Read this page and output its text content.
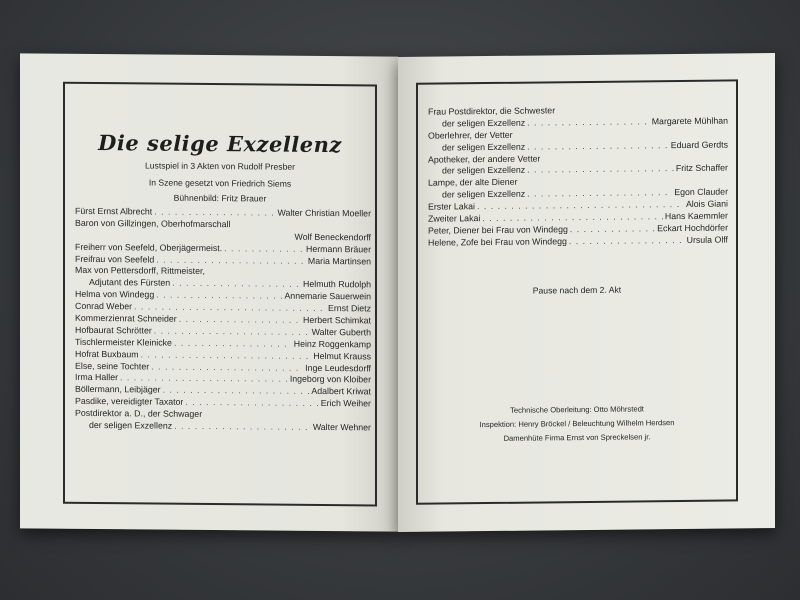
Die selige Exzellenz
Lustspiel in 3 Akten von Rudolf Presber
In Szene gesetzt von Friedrich Siems
Bühnenbild: Fritz Brauer
Fürst Ernst Albrecht . . .	Walter Christian Moeller
Baron von Gillzingen, Oberhofmarschall
Wolf Beneckendorff
Freiherr von Seefeld, Oberjägermeist. . . .	Hermann Bräuer
Freifrau von Seefeld . . .	Maria Martinsen
Max von Pettersdorff, Rittmeister,
Adjutant des Fürsten . . .	Helmuth Rudolph
Helma von Windegg . . .	Annemarie Sauerwein
Conrad Weber . . .	Ernst Dietz
Kommerzienrat Schneider . . .	Herbert Schimkat
Hofbaurat Schrötter . . .	Walter Guberth
Tischlermeister Kleinicke . . .	Heinz Roggenkamp
Hofrat Buxbaum . . .	Helmut Krauss
Else, seine Tochter . . .	Inge Leudesdorff
Irma Haller . . .	Ingeborg von Kloiber
Böllermann, Leibjäger . . .	Adalbert Kriwat
Pasdike, vereidigter Taxator . . .	Erich Weiher
Postdirektor a. D., der Schwager
der seligen Exzellenz . . .	Walter Wehner
Frau Postdirektor, die Schwester
der seligen Exzellenz . . .	Margarete Mühlhan
Oberlehrer, der Vetter
der seligen Exzellenz . . .	Eduard Gerdts
Apotheker, der andere Vetter
der seligen Exzellenz . . .	Fritz Schaffer
Lampe, der alte Diener
der seligen Exzellenz . . .	Egon Clauder
Erster Lakai . . .	Alois Giani
Zweiter Lakai . . .	Hans Kaemmler
Peter, Diener bei Frau von Windegg . . .	Eckart Hochdörfer
Helene, Zofe bei Frau von Windegg . . .	Ursula Olff
Pause nach dem 2. Akt
Technische Oberleitung: Otto Möhrstedt
Inspektion: Henry Bröckel / Beleuchtung Wilhelm Herdsen
Damenhüte Firma Ernst von Spreckelsen jr.
